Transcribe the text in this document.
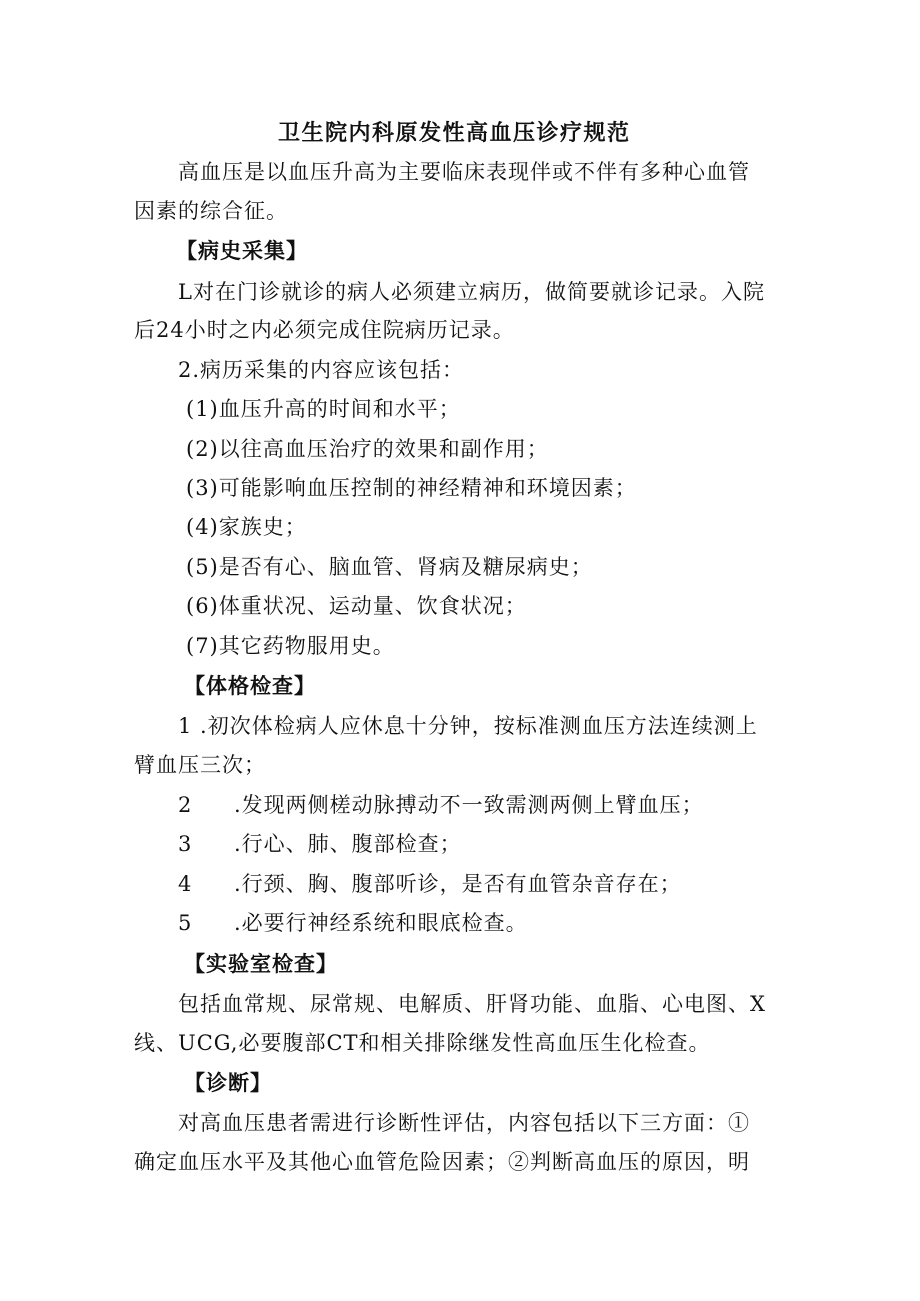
卫生院内科原发性高血压诊疗规范
高血压是以血压升高为主要临床表现伴或不伴有多种心血管
因素的综合征。
【病史采集】
L对在门诊就诊的病人必须建立病历，做简要就诊记录。入院
后24小时之内必须完成住院病历记录。
2.病历采集的内容应该包括：
(1)血压升高的时间和水平；
(2)以往高血压治疗的效果和副作用；
(3)可能影响血压控制的神经精神和环境因素；
(4)家族史；
(5)是否有心、脑血管、肾病及糖尿病史；
(6)体重状况、运动量、饮食状况；
(7)其它药物服用史。
【体格检查】
1 .初次体检病人应休息十分钟，按标准测血压方法连续测上
臂血压三次；
2 .发现两侧槎动脉搏动不一致需测两侧上臂血压；
3 .行心、肺、腹部检查；
4 .行颈、胸、腹部听诊，是否有血管杂音存在；
5 .必要行神经系统和眼底检查。
【实验室检查】
包括血常规、尿常规、电解质、肝肾功能、血脂、心电图、X
线、UCG,必要腹部CT和相关排除继发性高血压生化检查。
【诊断】
对高血压患者需进行诊断性评估，内容包括以下三方面：①
确定血压水平及其他心血管危险因素；②判断高血压的原因，明
